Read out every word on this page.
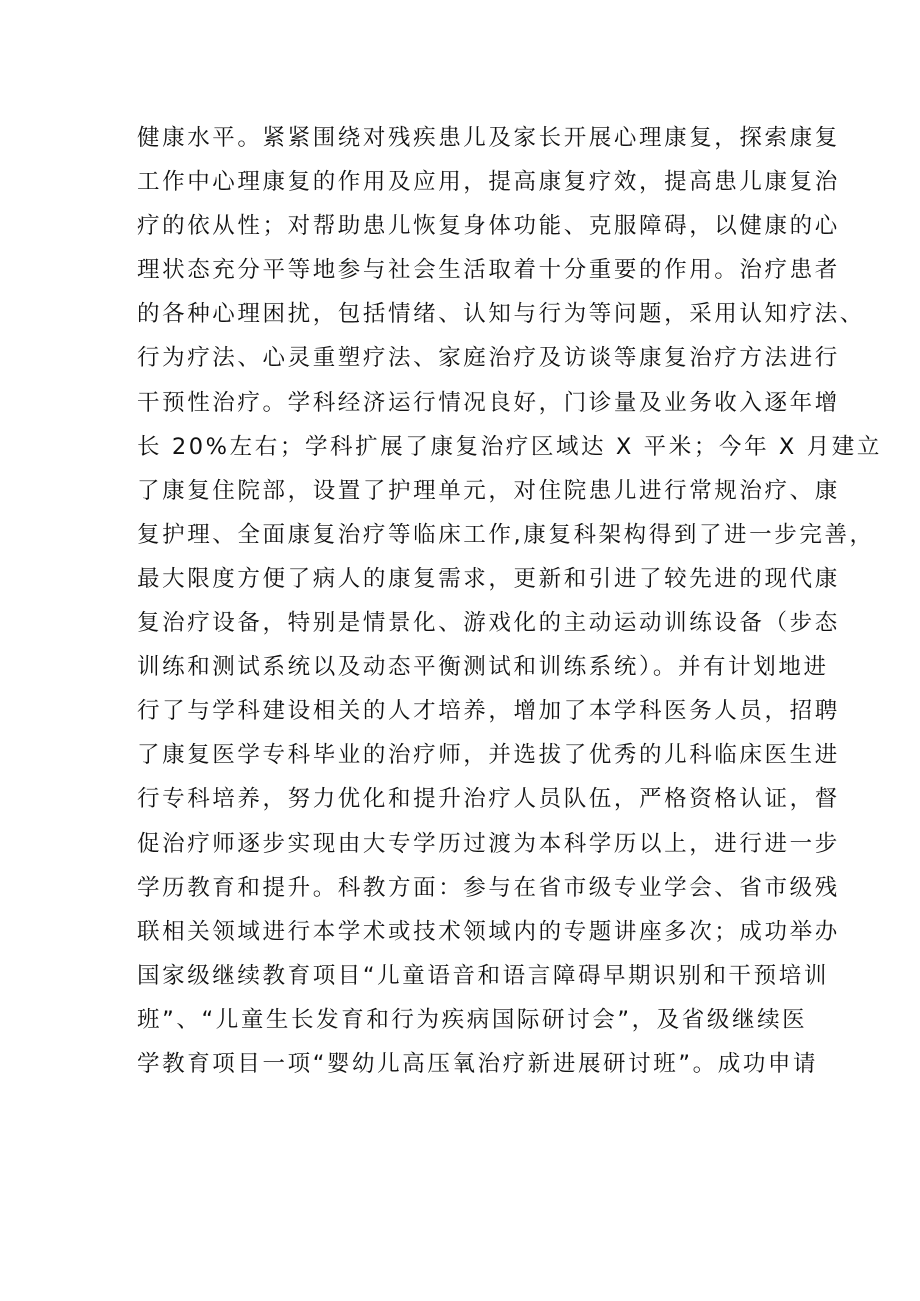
健康水平。紧紧围绕对残疾患儿及家长开展心理康复，探索康复
工作中心理康复的作用及应用，提高康复疗效，提高患儿康复治
疗的依从性；对帮助患儿恢复身体功能、克服障碍，以健康的心
理状态充分平等地参与社会生活取着十分重要的作用。治疗患者
的各种心理困扰，包括情绪、认知与行为等问题，采用认知疗法、
行为疗法、心灵重塑疗法、家庭治疗及访谈等康复治疗方法进行
干预性治疗。学科经济运行情况良好，门诊量及业务收入逐年增
长 20%左右；学科扩展了康复治疗区域达 X 平米；今年 X 月建立
了康复住院部，设置了护理单元，对住院患儿进行常规治疗、康
复护理、全面康复治疗等临床工作,康复科架构得到了进一步完善，
最大限度方便了病人的康复需求，更新和引进了较先进的现代康
复治疗设备，特别是情景化、游戏化的主动运动训练设备（步态
训练和测试系统以及动态平衡测试和训练系统）。并有计划地进
行了与学科建设相关的人才培养，增加了本学科医务人员，招聘
了康复医学专科毕业的治疗师，并选拔了优秀的儿科临床医生进
行专科培养，努力优化和提升治疗人员队伍，严格资格认证，督
促治疗师逐步实现由大专学历过渡为本科学历以上，进行进一步
学历教育和提升。科教方面：参与在省市级专业学会、省市级残
联相关领域进行本学术或技术领域内的专题讲座多次；成功举办
国家级继续教育项目“儿童语音和语言障碍早期识别和干预培训
班”、“儿童生长发育和行为疾病国际研讨会”，及省级继续医
学教育项目一项“婴幼儿高压氧治疗新进展研讨班”。成功申请
